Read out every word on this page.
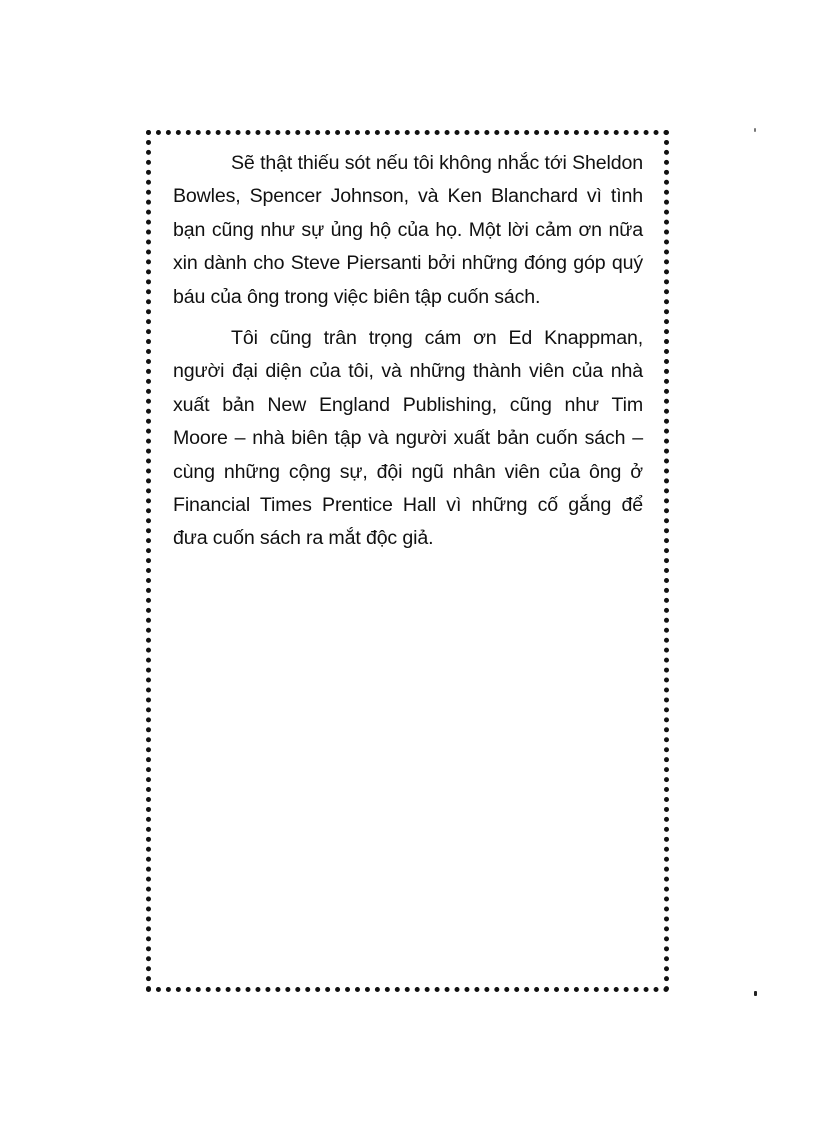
Sẽ thật thiếu sót nếu tôi không nhắc tới Sheldon Bowles, Spencer Johnson, và Ken Blanchard vì tình bạn cũng như sự ủng hộ của họ. Một lời cảm ơn nữa xin dành cho Steve Piersanti bởi những đóng góp quý báu của ông trong việc biên tập cuốn sách.

Tôi cũng trân trọng cám ơn Ed Knappman, người đại diện của tôi, và những thành viên của nhà xuất bản New England Publishing, cũng như Tim Moore – nhà biên tập và người xuất bản cuốn sách – cùng những cộng sự, đội ngũ nhân viên của ông ở Financial Times Prentice Hall vì những cố gắng để đưa cuốn sách ra mắt độc giả.
